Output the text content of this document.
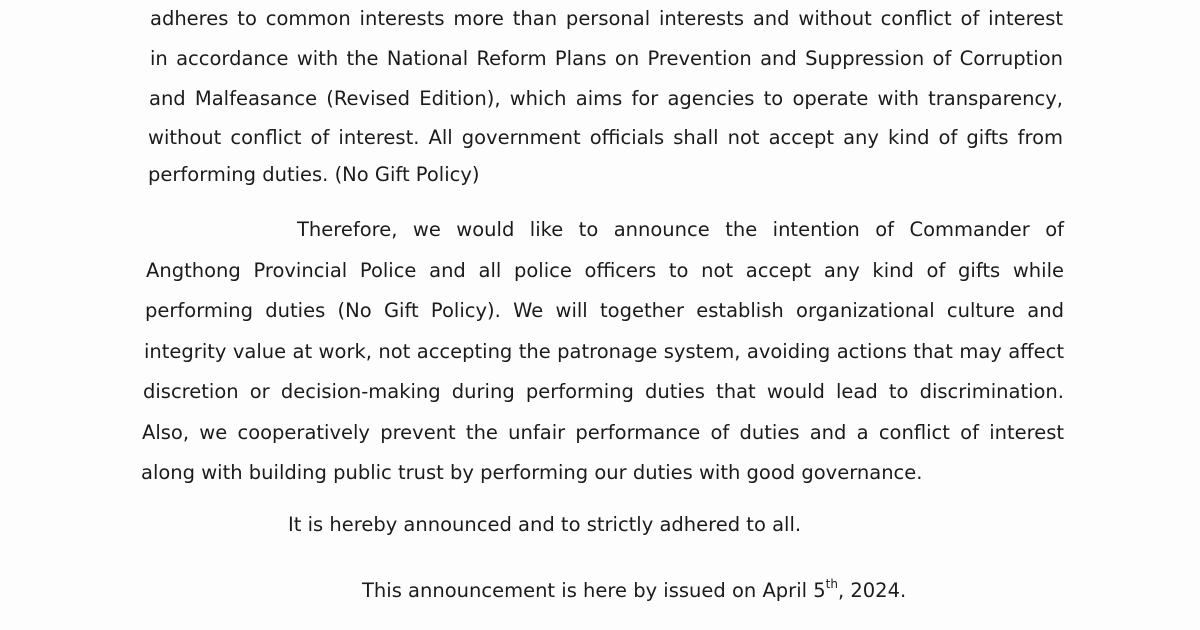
adheres to common interests more than personal interests and without conflict of interest

in accordance with the National Reform Plans on Prevention and Suppression of Corruption

and Malfeasance (Revised Edition), which aims for agencies to operate with transparency,

without conflict of interest. All government officials shall not accept any kind of gifts from

performing duties. (No Gift Policy)

Therefore, we would like to announce the intention of Commander of

Angthong Provincial Police and all police officers to not accept any kind of gifts while

performing duties (No Gift Policy). We will together establish organizational culture and

integrity value at work, not accepting the patronage system, avoiding actions that may affect

discretion or decision-making during performing duties that would lead to discrimination.

Also, we cooperatively prevent the unfair performance of duties and a conflict of interest

along with building public trust by performing our duties with good governance.

It is hereby announced and to strictly adhered to all.

This announcement is here by issued on April 5th, 2024.
